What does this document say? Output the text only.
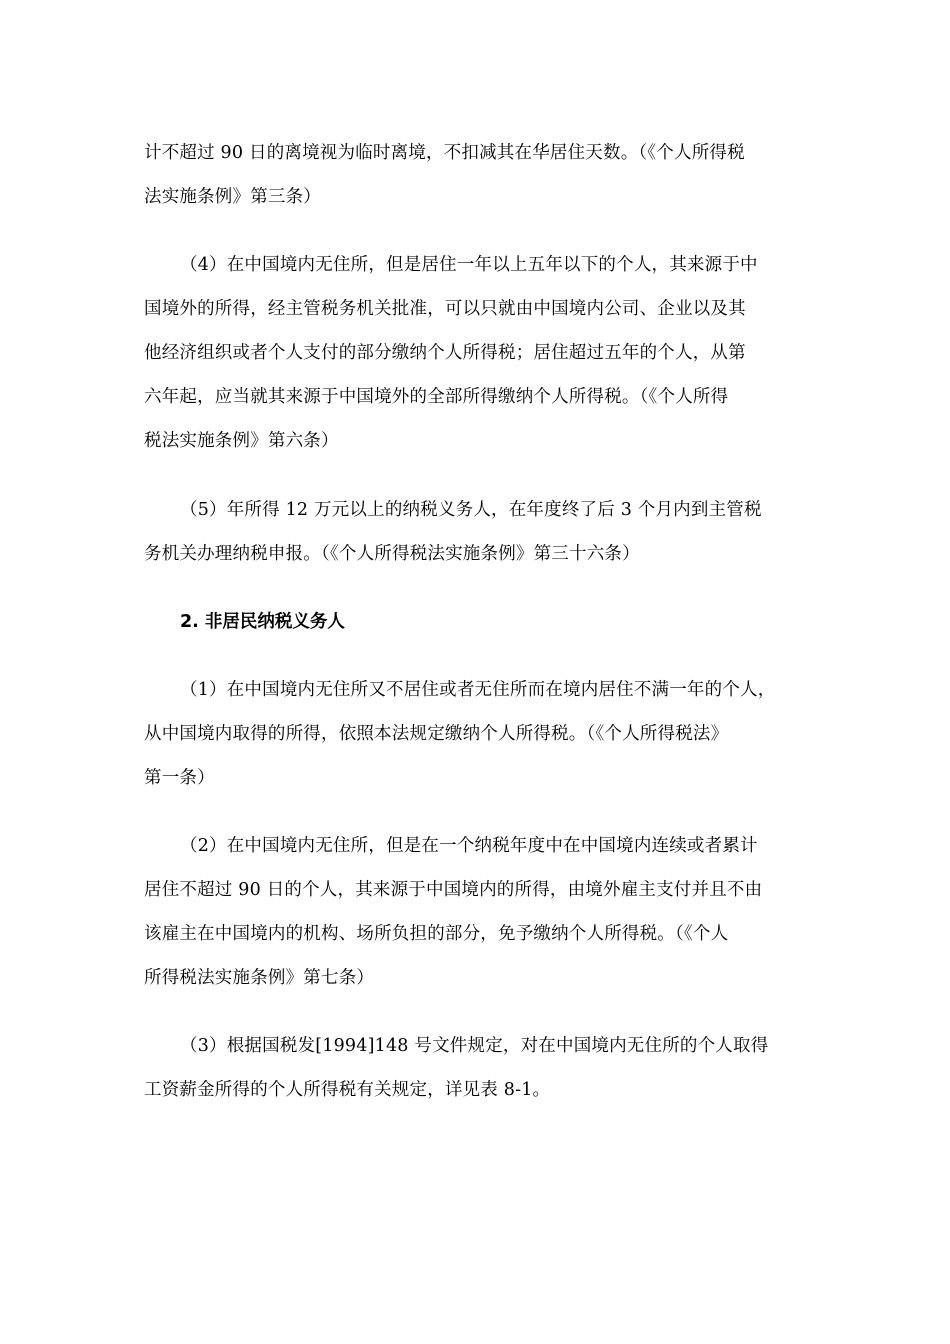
计不超过 90 日的离境视为临时离境，不扣减其在华居住天数。（《个人所得税
法实施条例》第三条）
（4）在中国境内无住所，但是居住一年以上五年以下的个人，其来源于中
国境外的所得，经主管税务机关批准，可以只就由中国境内公司、企业以及其
他经济组织或者个人支付的部分缴纳个人所得税；居住超过五年的个人，从第
六年起，应当就其来源于中国境外的全部所得缴纳个人所得税。（《个人所得
税法实施条例》第六条）
（5）年所得 12 万元以上的纳税义务人，在年度终了后 3 个月内到主管税
务机关办理纳税申报。（《个人所得税法实施条例》第三十六条）
2. 非居民纳税义务人
（1）在中国境内无住所又不居住或者无住所而在境内居住不满一年的个人，
从中国境内取得的所得，依照本法规定缴纳个人所得税。（《个人所得税法》
第一条）
（2）在中国境内无住所，但是在一个纳税年度中在中国境内连续或者累计
居住不超过 90 日的个人，其来源于中国境内的所得，由境外雇主支付并且不由
该雇主在中国境内的机构、场所负担的部分，免予缴纳个人所得税。（《个人
所得税法实施条例》第七条）
（3）根据国税发[1994]148 号文件规定，对在中国境内无住所的个人取得
工资薪金所得的个人所得税有关规定，详见表 8-1。
